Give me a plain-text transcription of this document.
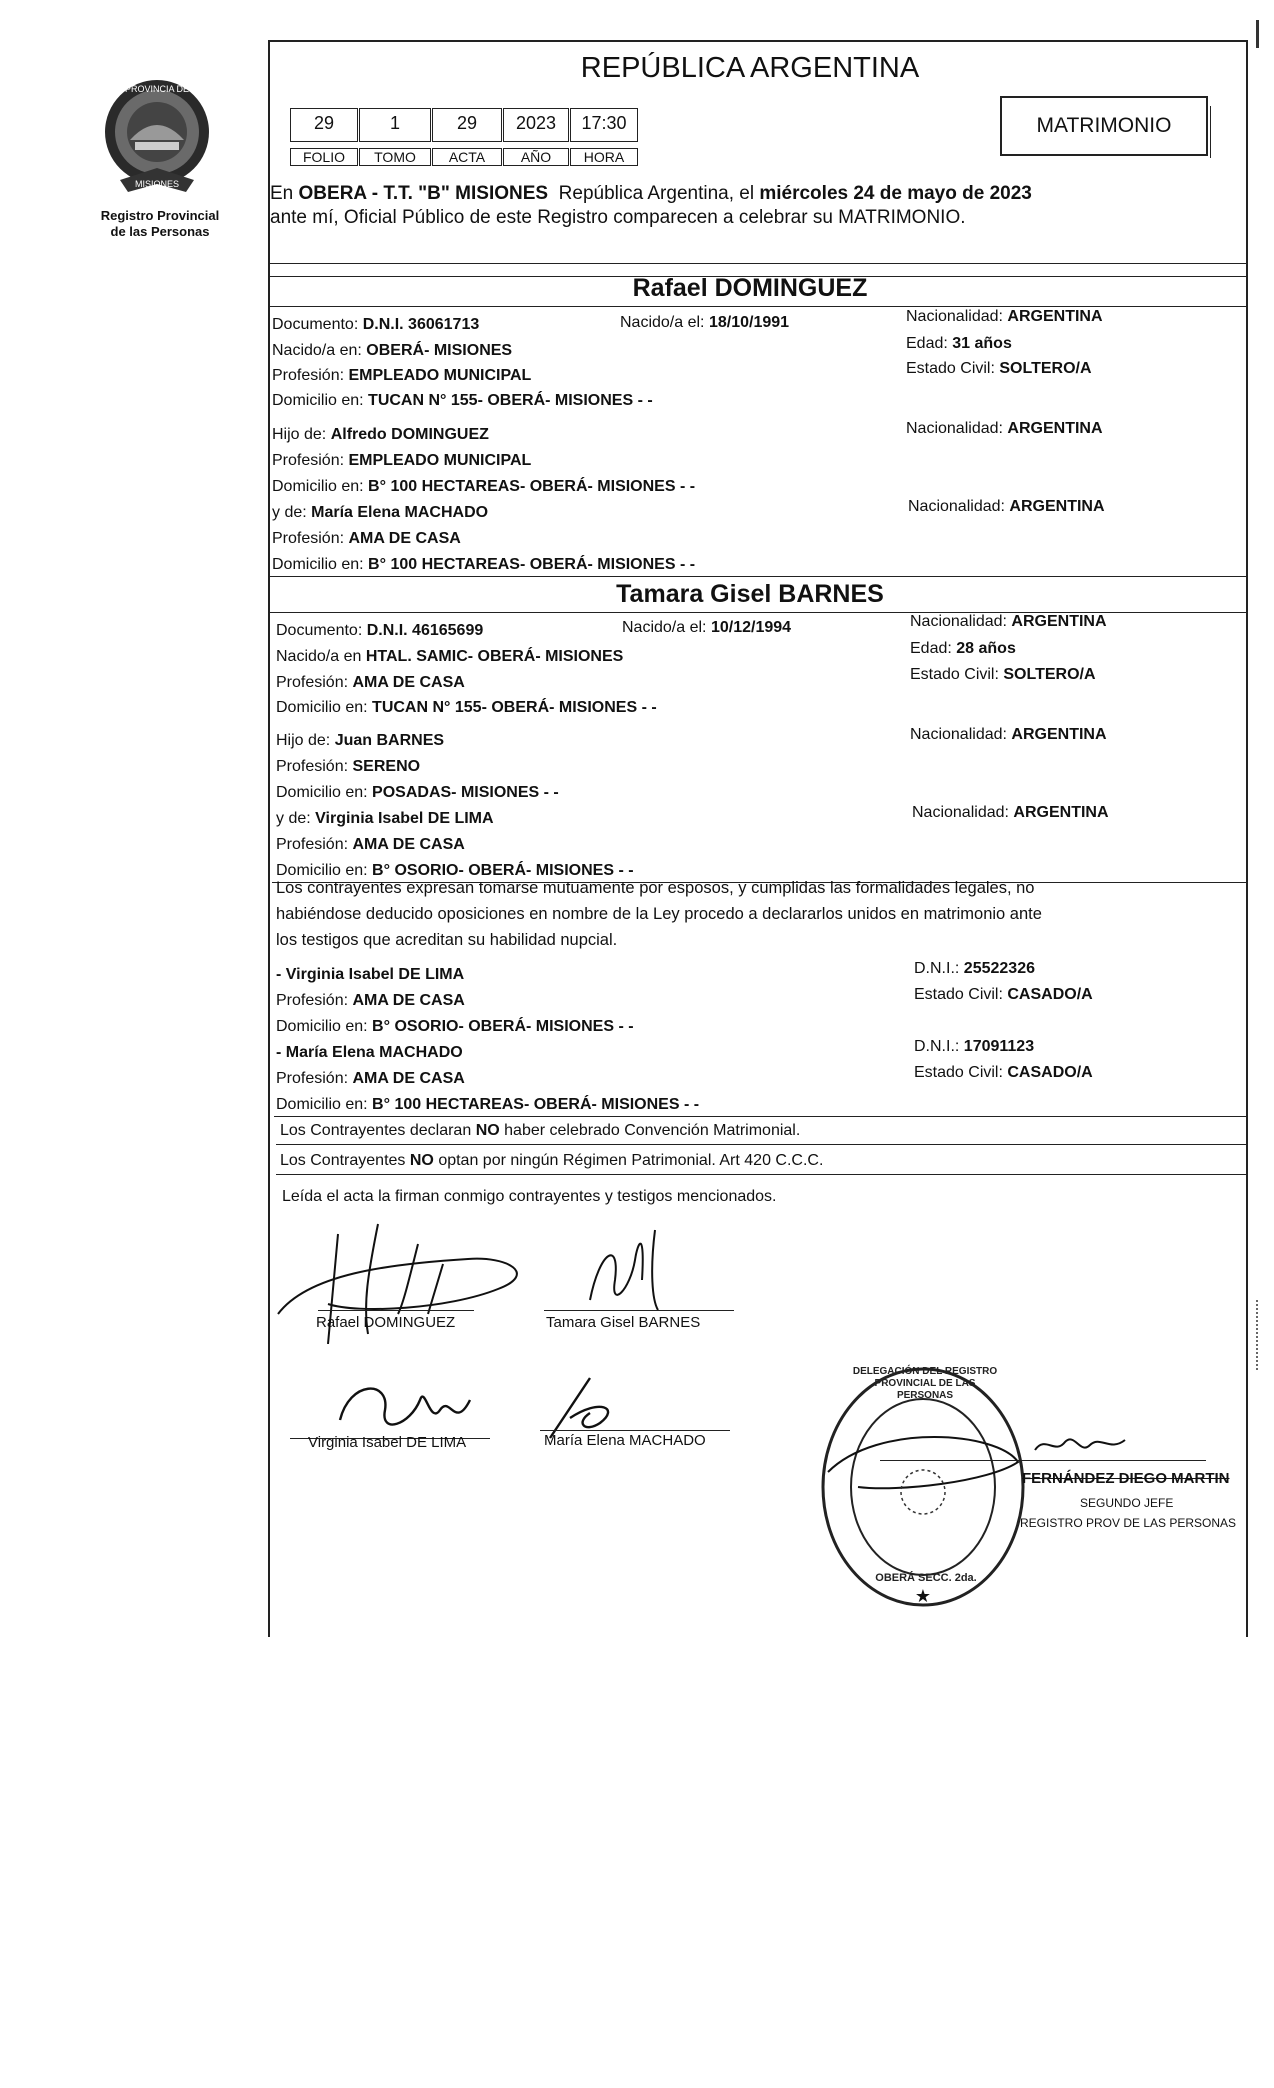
PROVINCIA DE
MISIONES
Registro Provincial
de las Personas
REPÚBLICA ARGENTINA
29	1	29	2023	17:30
FOLIO	TOMO	ACTA	AÑO	HORA
MATRIMONIO
En OBERA - T.T. "B" MISIONES República Argentina, el miércoles 24 de mayo de 2023
ante mí, Oficial Público de este Registro comparecen a celebrar su MATRIMONIO.
Rafael DOMINGUEZ
Documento: D.N.I. 36061713	Nacido/a el: 18/10/1991	Nacionalidad: ARGENTINA
Nacido/a en: OBERÁ- MISIONES	Edad: 31 años
Profesión: EMPLEADO MUNICIPAL	Estado Civil: SOLTERO/A
Domicilio en: TUCAN N° 155- OBERÁ- MISIONES - -
Hijo de: Alfredo DOMINGUEZ	Nacionalidad: ARGENTINA
Profesión: EMPLEADO MUNICIPAL
Domicilio en: B° 100 HECTAREAS- OBERÁ- MISIONES - -
y de: María Elena MACHADO	Nacionalidad: ARGENTINA
Profesión: AMA DE CASA
Domicilio en: B° 100 HECTAREAS- OBERÁ- MISIONES - -
Tamara Gisel BARNES
Documento: D.N.I. 46165699	Nacido/a el: 10/12/1994	Nacionalidad: ARGENTINA
Nacido/a en HTAL. SAMIC- OBERÁ- MISIONES	Edad: 28 años
Profesión: AMA DE CASA	Estado Civil: SOLTERO/A
Domicilio en: TUCAN N° 155- OBERÁ- MISIONES - -
Hijo de: Juan BARNES	Nacionalidad: ARGENTINA
Profesión: SERENO
Domicilio en: POSADAS- MISIONES - -
y de: Virginia Isabel DE LIMA	Nacionalidad: ARGENTINA
Profesión: AMA DE CASA
Domicilio en: B° OSORIO- OBERÁ- MISIONES - -
Los contrayentes expresan tomarse mutuamente por esposos, y cumplidas las formalidades legales, no
habiéndose deducido oposiciones en nombre de la Ley procedo a declararlos unidos en matrimonio ante
los testigos que acreditan su habilidad nupcial.
- Virginia Isabel DE LIMA	D.N.I.: 25522326
Profesión: AMA DE CASA	Estado Civil: CASADO/A
Domicilio en: B° OSORIO- OBERÁ- MISIONES - -
- María Elena MACHADO	D.N.I.: 17091123
Profesión: AMA DE CASA	Estado Civil: CASADO/A
Domicilio en: B° 100 HECTAREAS- OBERÁ- MISIONES - -
Los Contrayentes declaran NO haber celebrado Convención Matrimonial.
Los Contrayentes NO optan por ningún Régimen Patrimonial. Art 420 C.C.C.
Leída el acta la firman conmigo contrayentes y testigos mencionados.
Rafael DOMINGUEZ	Tamara Gisel BARNES
Virginia Isabel DE LIMA	María Elena MACHADO
★
DELEGACIÓN DEL REGISTRO PROVINCIAL DE LAS PERSONAS
OBERÁ SECC. 2da.
FERNÁNDEZ DIEGO MARTIN
SEGUNDO JEFE
REGISTRO PROV DE LAS PERSONAS
